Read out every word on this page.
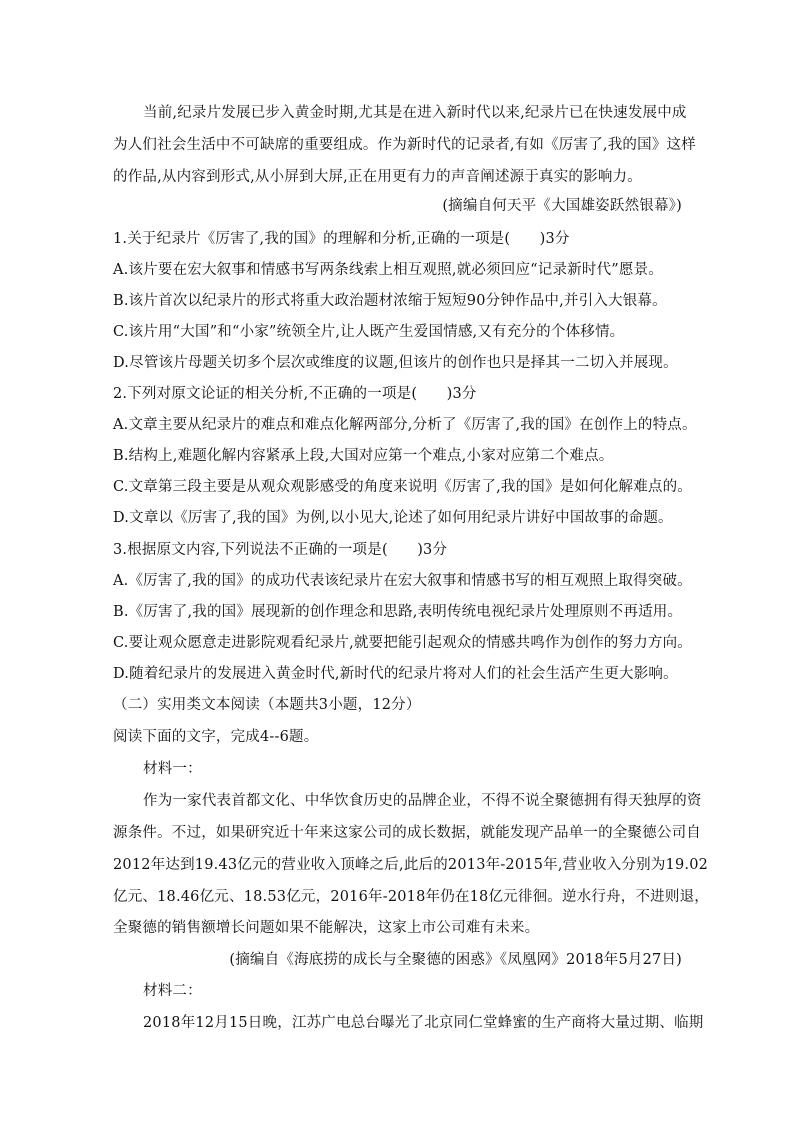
当前,纪录片发展已步入黄金时期,尤其是在进入新时代以来,纪录片已在快速发展中成
为人们社会生活中不可缺席的重要组成。作为新时代的记录者,有如《厉害了,我的国》这样
的作品,从内容到形式,从小屏到大屏,正在用更有力的声音阐述源于真实的影响力。
(摘编自何天平《大国雄姿跃然银幕》)
1.关于纪录片《厉害了,我的国》的理解和分析,正确的一项是(　　)3分
A.该片要在宏大叙事和情感书写两条线索上相互观照,就必须回应“记录新时代”愿景。
B.该片首次以纪录片的形式将重大政治题材浓缩于短短90分钟作品中,并引入大银幕。
C.该片用“大国”和“小家”统领全片,让人既产生爱国情感,又有充分的个体移情。
D.尽管该片母题关切多个层次或维度的议题,但该片的创作也只是择其一二切入并展现。
2.下列对原文论证的相关分析,不正确的一项是(　　)3分
A.文章主要从纪录片的难点和难点化解两部分,分析了《厉害了,我的国》在创作上的特点。
B.结构上,难题化解内容紧承上段,大国对应第一个难点,小家对应第二个难点。
C.文章第三段主要是从观众观影感受的角度来说明《厉害了,我的国》是如何化解难点的。
D.文章以《厉害了,我的国》为例,以小见大,论述了如何用纪录片讲好中国故事的命题。
3.根据原文内容,下列说法不正确的一项是(　　)3分
A.《厉害了,我的国》的成功代表该纪录片在宏大叙事和情感书写的相互观照上取得突破。
B.《厉害了,我的国》展现新的创作理念和思路,表明传统电视纪录片处理原则不再适用。
C.要让观众愿意走进影院观看纪录片,就要把能引起观众的情感共鸣作为创作的努力方向。
D.随着纪录片的发展进入黄金时代,新时代的纪录片将对人们的社会生活产生更大影响。
（二）实用类文本阅读（本题共3小题，12分）
阅读下面的文字，完成4--6题。
材料一：
作为一家代表首都文化、中华饮食历史的品牌企业，不得不说全聚德拥有得天独厚的资
源条件。不过，如果研究近十年来这家公司的成长数据，就能发现产品单一的全聚德公司自
2012年达到19.43亿元的营业收入顶峰之后,此后的2013年-2015年,营业收入分别为19.02
亿元、18.46亿元、18.53亿元，2016年-2018年仍在18亿元徘徊。逆水行舟，不进则退，
全聚德的销售额增长问题如果不能解决，这家上市公司难有未来。
(摘编自《海底捞的成长与全聚德的困惑》《凤凰网》2018年5月27日)
材料二：
2018年12月15日晚，江苏广电总台曝光了北京同仁堂蜂蜜的生产商将大量过期、临期
